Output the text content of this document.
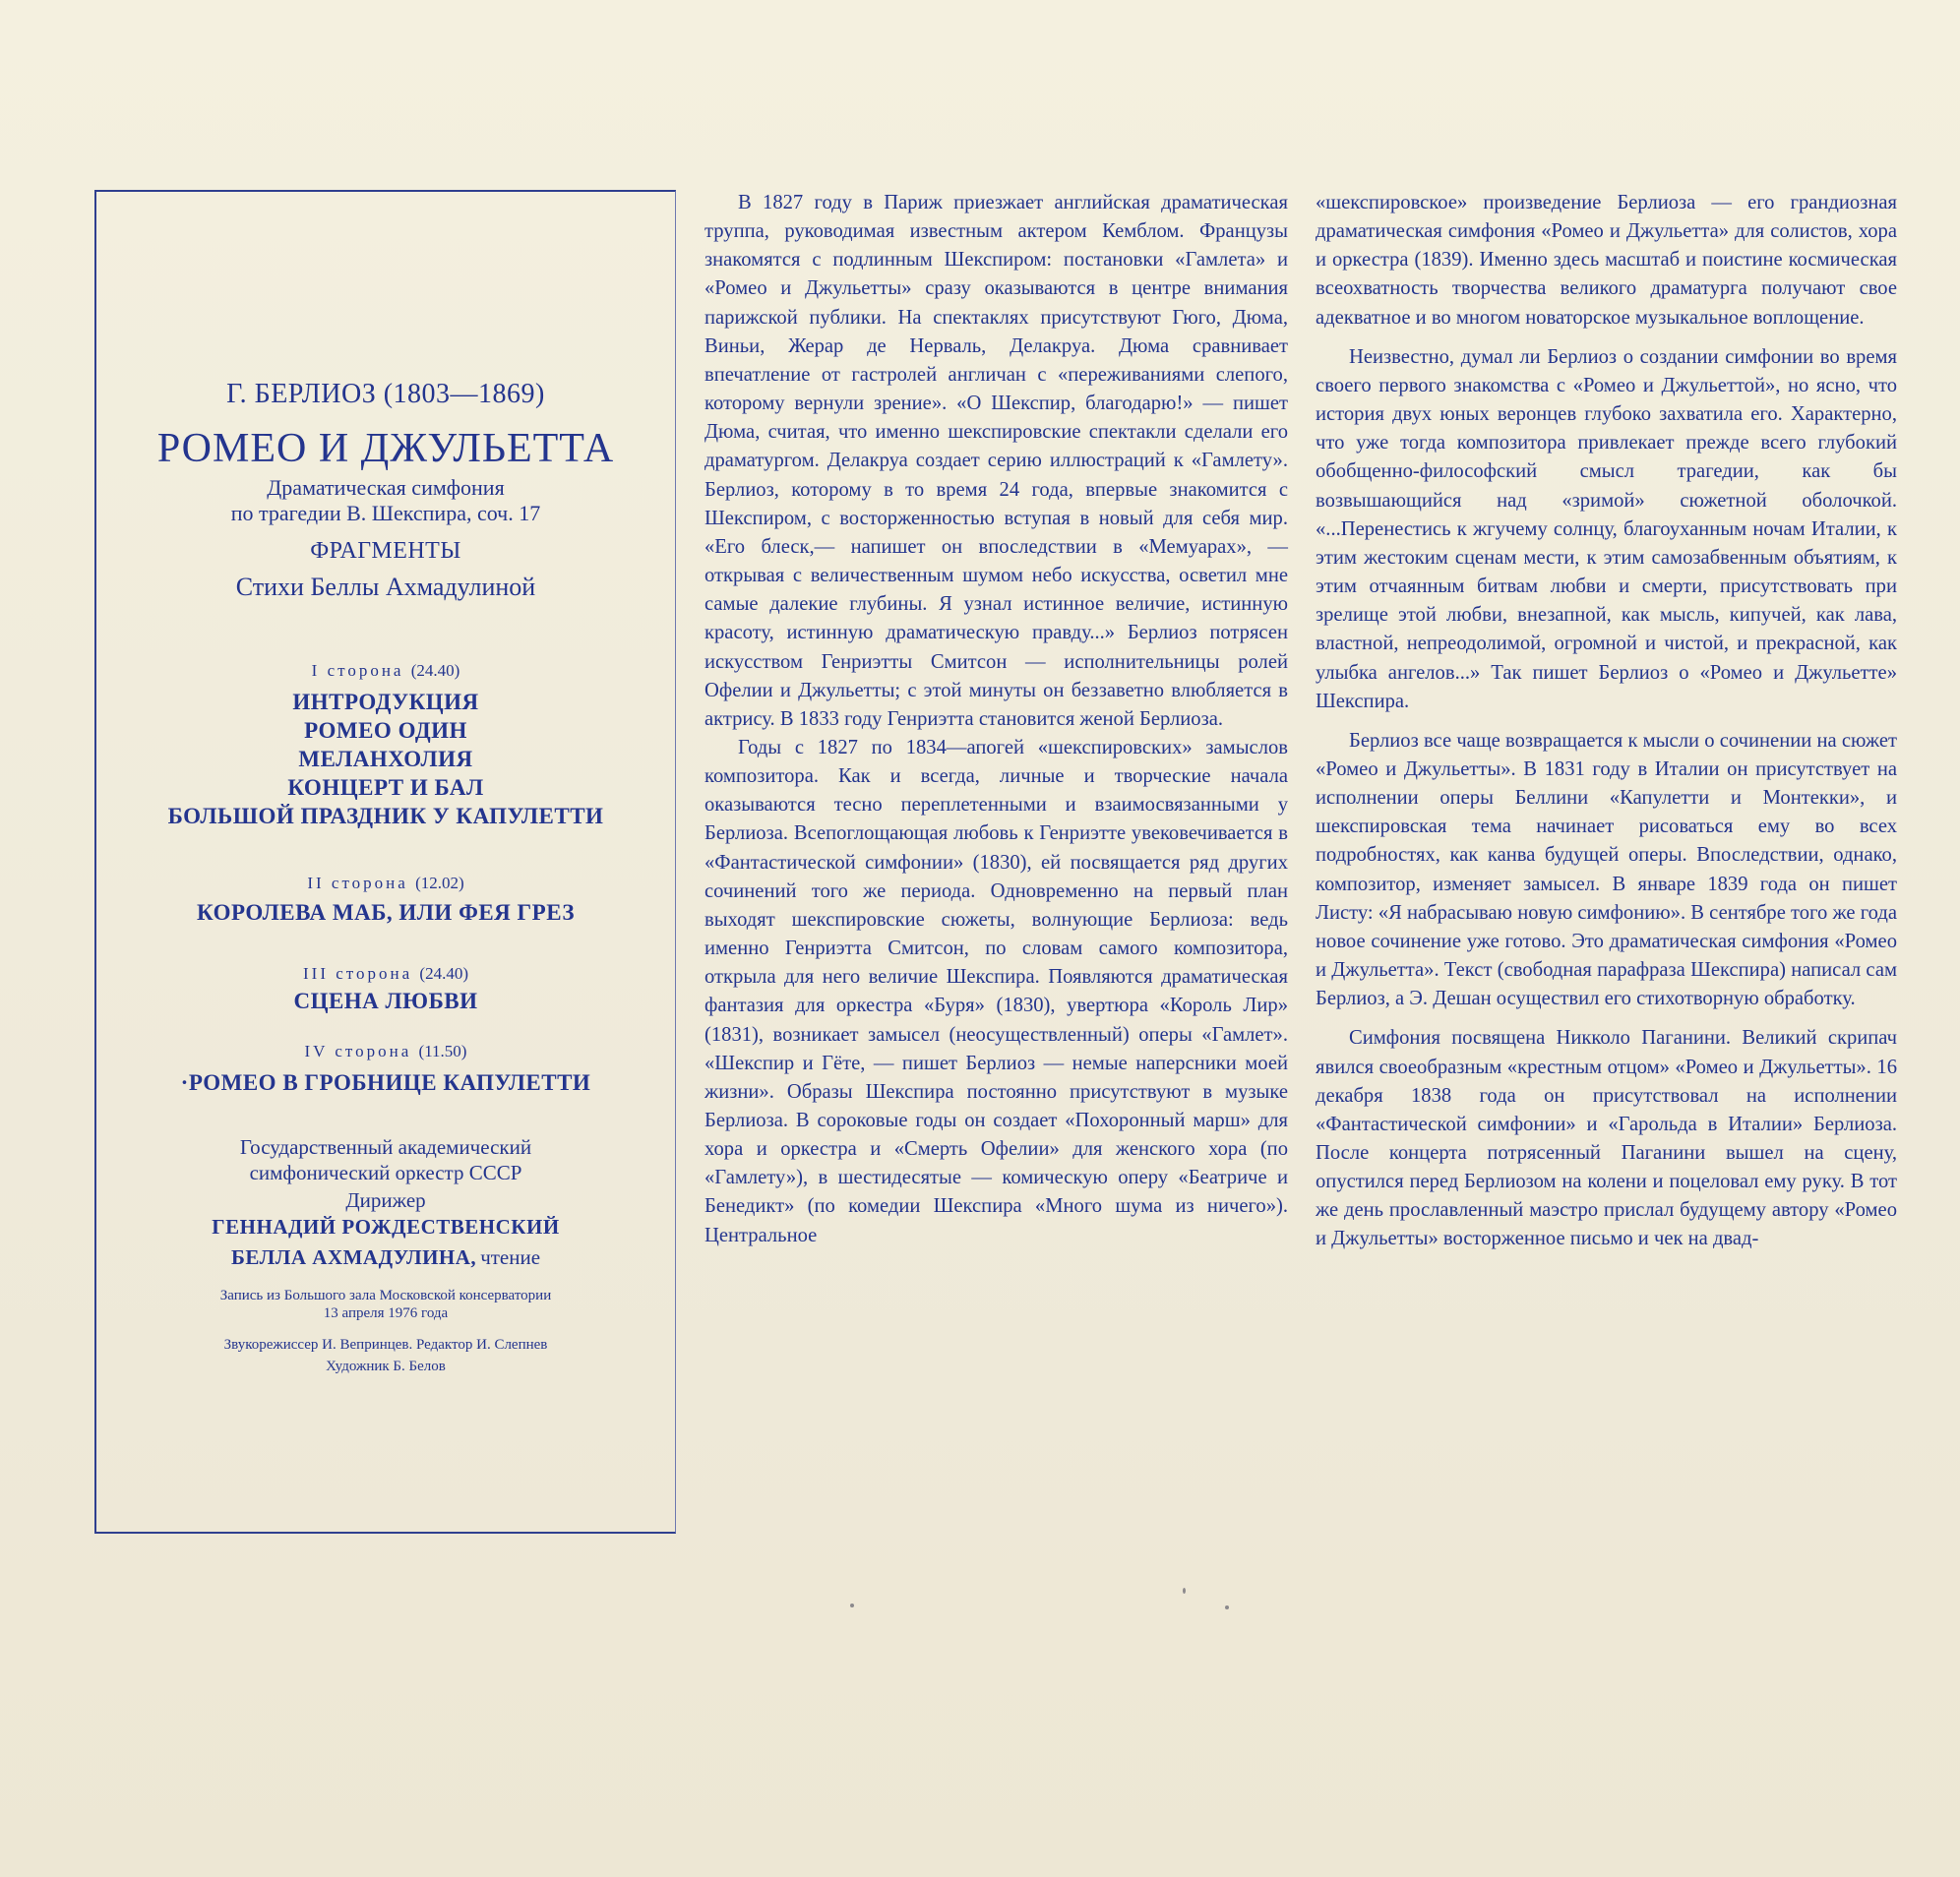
Г. БЕРЛИОЗ (1803—1869)
РОМЕО И ДЖУЛЬЕТТА
Драматическая симфония
по трагедии В. Шекспира, соч. 17
ФРАГМЕНТЫ
Стихи Беллы Ахмадулиной
I сторона (24.40)
ИНТРОДУКЦИЯ
РОМЕО ОДИН
МЕЛАНХОЛИЯ
КОНЦЕРТ И БАЛ
БОЛЬШОЙ ПРАЗДНИК У КАПУЛЕТТИ
II сторона (12.02)
КОРОЛЕВА МАБ, ИЛИ ФЕЯ ГРЕЗ
III сторона (24.40)
СЦЕНА ЛЮБВИ
IV сторона (11.50)
·РОМЕО В ГРОБНИЦЕ КАПУЛЕТТИ
Государственный академический
симфонический оркестр СССР
Дирижер
ГЕННАДИЙ РОЖДЕСТВЕНСКИЙ
БЕЛЛА АХМАДУЛИНА, чтение
Запись из Большого зала Московской консерватории
13 апреля 1976 года
Звукорежиссер И. Вепринцев. Редактор И. Слепнев
Художник Б. Белов

В 1827 году в Париж приезжает английская драматическая труппа, руководимая известным актером Кемблом. Французы знакомятся с подлинным Шекспиром: постановки «Гамлета» и «Ромео и Джульетты» сразу оказываются в центре внимания парижской публики. На спектаклях присутствуют Гюго, Дюма, Виньи, Жерар де Нерваль, Делакруа. Дюма сравнивает впечатление от гастролей англичан с «переживаниями слепого, которому вернули зрение». «О Шекспир, благодарю!» — пишет Дюма, считая, что именно шекспировские спектакли сделали его драматургом. Делакруа создает серию иллюстраций к «Гамлету». Берлиоз, которому в то время 24 года, впервые знакомится с Шекспиром, с восторженностью вступая в новый для себя мир. «Его блеск,— напишет он впоследствии в «Мемуарах», — открывая с величественным шумом небо искусства, осветил мне самые далекие глубины. Я узнал истинное величие, истинную красоту, истинную драматическую правду...» Берлиоз потрясен искусством Генриэтты Смитсон — исполнительницы ролей Офелии и Джульетты; с этой минуты он беззаветно влюбляется в актрису. В 1833 году Генриэтта становится женой Берлиоза.

Годы с 1827 по 1834—апогей «шекспировских» замыслов композитора. Как и всегда, личные и творческие начала оказываются тесно переплетенными и взаимосвязанными у Берлиоза. Всепоглощающая любовь к Генриэтте увековечивается в «Фантастической симфонии» (1830), ей посвящается ряд других сочинений того же периода. Одновременно на первый план выходят шекспировские сюжеты, волнующие Берлиоза: ведь именно Генриэтта Смитсон, по словам самого композитора, открыла для него величие Шекспира. Появляются драматическая фантазия для оркестра «Буря» (1830), увертюра «Король Лир» (1831), возникает замысел (неосуществленный) оперы «Гамлет». «Шекспир и Гёте, — пишет Берлиоз — немые наперсники моей жизни». Образы Шекспира постоянно присутствуют в музыке Берлиоза. В сороковые годы он создает «Похоронный марш» для хора и оркестра и «Смерть Офелии» для женского хора (по «Гамлету»), в шестидесятые — комическую оперу «Беатриче и Бенедикт» (по комедии Шекспира «Много шума из ничего»). Центральное

«шекспировское» произведение Берлиоза — его грандиозная драматическая симфония «Ромео и Джульетта» для солистов, хора и оркестра (1839). Именно здесь масштаб и поистине космическая всеохватность творчества великого драматурга получают свое адекватное и во многом новаторское музыкальное воплощение.

Неизвестно, думал ли Берлиоз о создании симфонии во время своего первого знакомства с «Ромео и Джульеттой», но ясно, что история двух юных веронцев глубоко захватила его. Характерно, что уже тогда композитора привлекает прежде всего глубокий обобщенно-философский смысл трагедии, как бы возвышающийся над «зримой» сюжетной оболочкой. «...Перенестись к жгучему солнцу, благоуханным ночам Италии, к этим жестоким сценам мести, к этим самозабвенным объятиям, к этим отчаянным битвам любви и смерти, присутствовать при зрелище этой любви, внезапной, как мысль, кипучей, как лава, властной, непреодолимой, огромной и чистой, и прекрасной, как улыбка ангелов...» Так пишет Берлиоз о «Ромео и Джульетте» Шекспира.

Берлиоз все чаще возвращается к мысли о сочинении на сюжет «Ромео и Джульетты». В 1831 году в Италии он присутствует на исполнении оперы Беллини «Капулетти и Монтекки», и шекспировская тема начинает рисоваться ему во всех подробностях, как канва будущей оперы. Впоследствии, однако, композитор, изменяет замысел. В январе 1839 года он пишет Листу: «Я набрасываю новую симфонию». В сентябре того же года новое сочинение уже готово. Это драматическая симфония «Ромео и Джульетта». Текст (свободная парафраза Шекспира) написал сам Берлиоз, а Э. Дешан осуществил его стихотворную обработку.

Симфония посвящена Никколо Паганини. Великий скрипач явился своеобразным «крестным отцом» «Ромео и Джульетты». 16 декабря 1838 года он присутствовал на исполнении «Фантастической симфонии» и «Гарольда в Италии» Берлиоза. После концерта потрясенный Паганини вышел на сцену, опустился перед Берлиозом на колени и поцеловал ему руку. В тот же день прославленный маэстро прислал будущему автору «Ромео и Джульетты» восторженное письмо и чек на двад-
